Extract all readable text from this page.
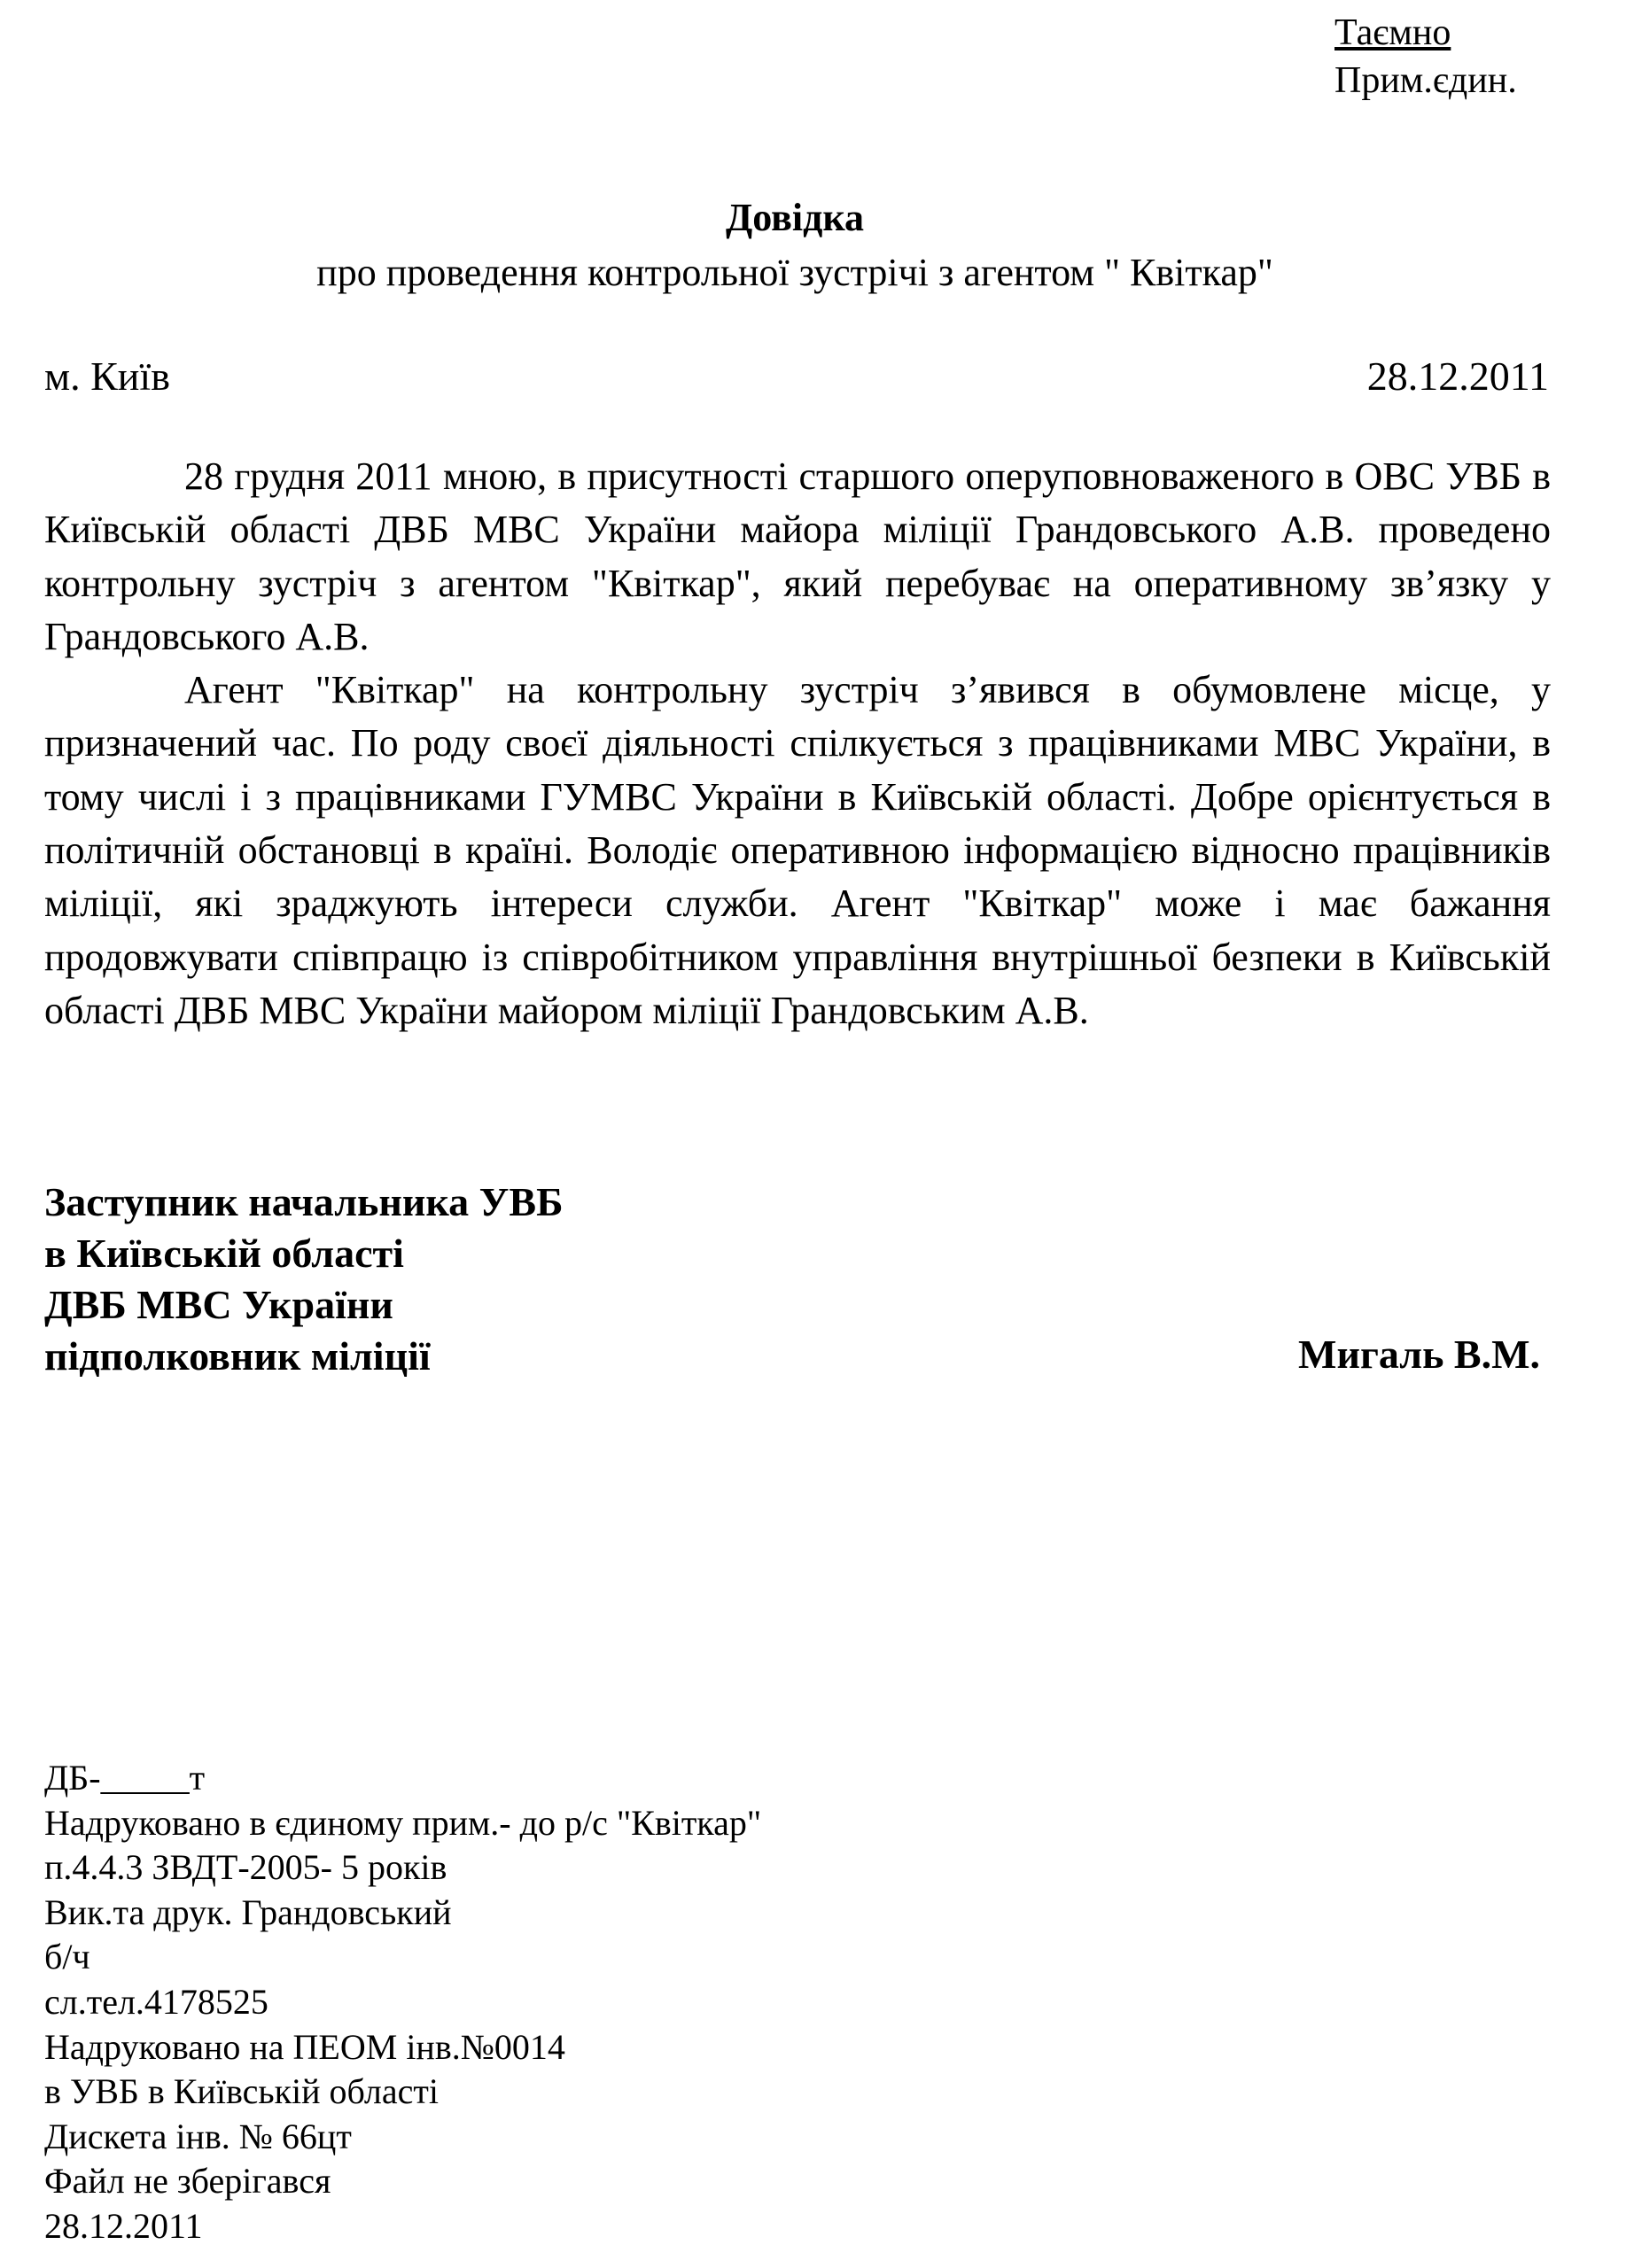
Таємно
Прим.єдин.
Довідка
про проведення контрольної зустрічі з агентом " Квіткар"
м. Київ	28.12.2011

28 грудня 2011 мною, в присутності старшого оперуповноваженого в ОВС УВБ в Київській області ДВБ МВС України майора міліції Грандовського А.В. проведено контрольну зустріч з агентом "Квіткар", який перебуває на оперативному зв’язку у Грандовського А.В.

Агент "Квіткар" на контрольну зустріч з’явився в обумовлене місце, у призначений час. По роду своєї діяльності спілкується з працівниками МВС України, в тому числі і з працівниками ГУМВС України в Київській області. Добре орієнтується в політичній обстановці в країні. Володіє оперативною інформацією відносно працівників міліції, які зраджують інтереси служби. Агент "Квіткар" може і має бажання продовжувати співпрацю із співробітником управління внутрішньої безпеки в Київській області ДВБ МВС України майором міліції Грандовським А.В.

Заступник начальника УВБ
в Київській області
ДВБ МВС України
підполковник міліції	Мигаль В.М.
ДБ-_____т
Надруковано в єдиному прим.- до р/с "Квіткар"
п.4.4.3 ЗВДТ-2005- 5 років
Вик.та друк. Грандовський
б/ч
сл.тел.4178525
Надруковано на ПЕОМ інв.№0014
в УВБ в Київській області
Дискета інв. № 66цт
Файл не зберігався
28.12.2011
